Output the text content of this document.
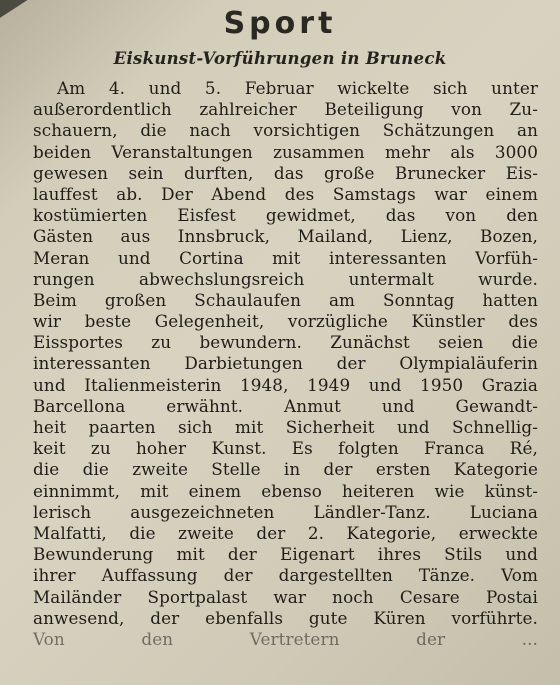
Sport
Eiskunst-Vorführungen in Bruneck
Am 4. und 5. Februar wickelte sich unter
außerordentlich zahlreicher Beteiligung von Zu-
schauern, die nach vorsichtigen Schätzungen an
beiden Veranstaltungen zusammen mehr als 3000
gewesen sein durften, das große Brunecker Eis-
lauffest ab. Der Abend des Samstags war einem
kostümierten Eisfest gewidmet, das von den
Gästen aus Innsbruck, Mailand, Lienz, Bozen,
Meran und Cortina mit interessanten Vorfüh-
rungen abwechslungsreich untermalt wurde.
Beim großen Schaulaufen am Sonntag hatten
wir beste Gelegenheit, vorzügliche Künstler des
Eissportes zu bewundern. Zunächst seien die
interessanten Darbietungen der Olympialäuferin
und Italienmeisterin 1948, 1949 und 1950 Grazia
Barcellona erwähnt. Anmut und Gewandt-
heit paarten sich mit Sicherheit und Schnellig-
keit zu hoher Kunst. Es folgten Franca Ré,
die die zweite Stelle in der ersten Kategorie
einnimmt, mit einem ebenso heiteren wie künst-
lerisch ausgezeichneten Ländler-Tanz. Luciana
Malfatti, die zweite der 2. Kategorie, erweckte
Bewunderung mit der Eigenart ihres Stils und
ihrer Auffassung der dargestellten Tänze. Vom
Mailänder Sportpalast war noch Cesare Postai
anwesend, der ebenfalls gute Küren vorführte.
Von den Vertretern der ...
